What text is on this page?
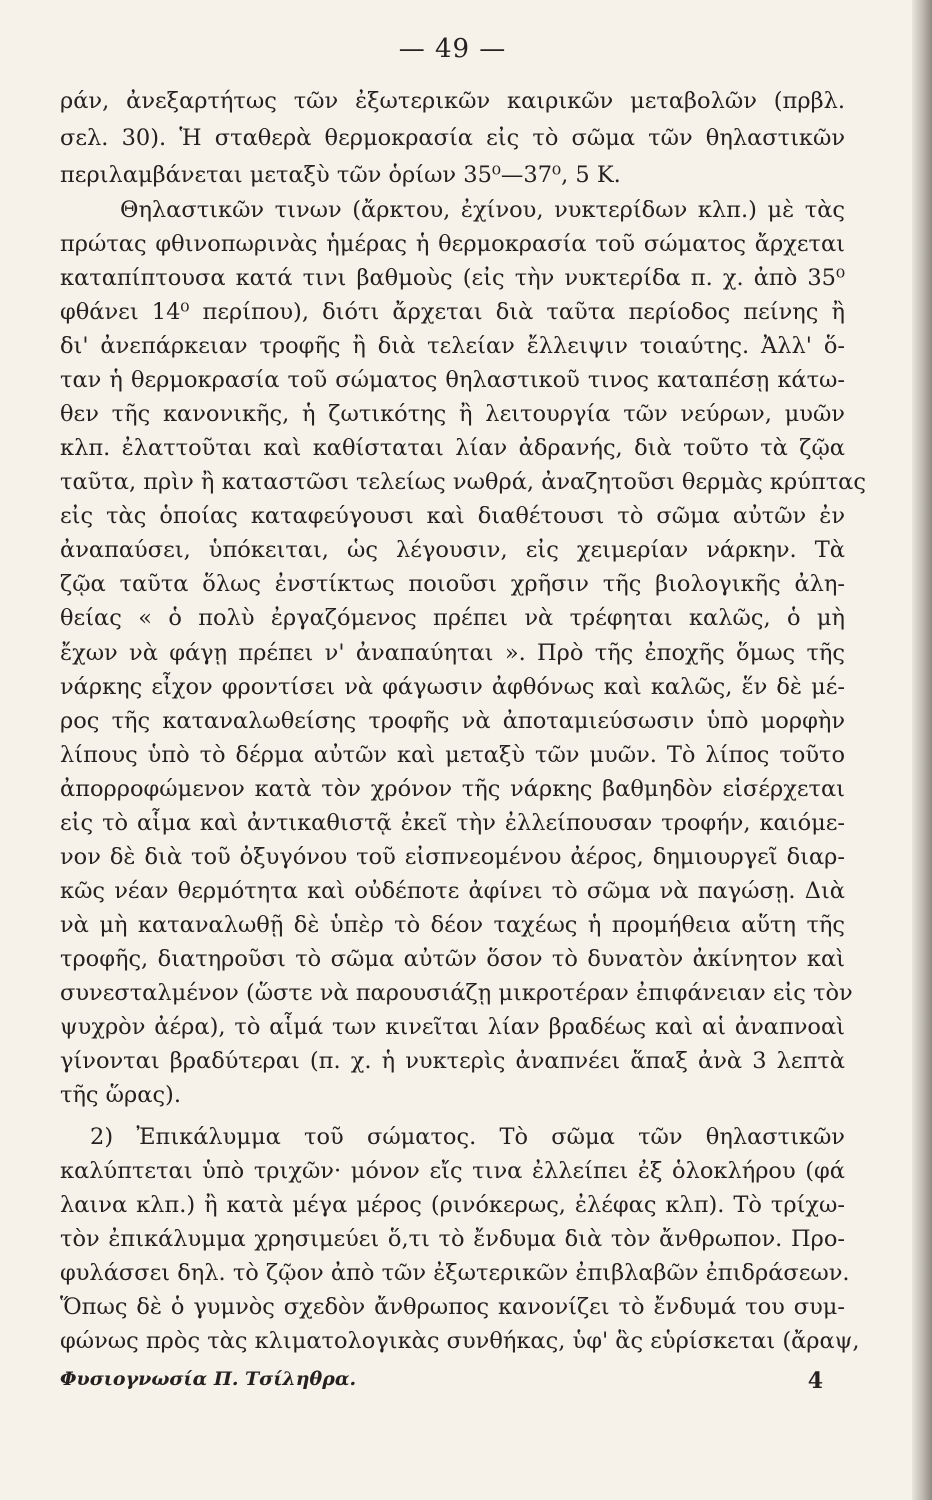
— 49 —
ράν, ἀνεξαρτήτως τῶν ἐξωτερικῶν καιρικῶν μεταβολῶν (πρβλ.
σελ. 30). Ἡ σταθερὰ θερμοκρασία εἰς τὸ σῶμα τῶν θηλαστικῶν
περιλαμβάνεται μεταξὺ τῶν ὁρίων 35⁰—37⁰, 5 Κ.
Θηλαστικῶν τινων (ἄρκτου, ἐχίνου, νυκτερίδων κλπ.) μὲ τὰς
πρώτας φθινοπωρινὰς ἡμέρας ἡ θερμοκρασία τοῦ σώματος ἄρχεται
καταπίπτουσα κατά τινι βαθμοὺς (εἰς τὴν νυκτερίδα π. χ. ἀπὸ 35⁰
φθάνει 14⁰ περίπου), διότι ἄρχεται διὰ ταῦτα περίοδος πείνης ἢ
δι' ἀνεπάρκειαν τροφῆς ἢ διὰ τελείαν ἔλλειψιν τοιαύτης. Ἀλλ' ὅ-
ταν ἡ θερμοκρασία τοῦ σώματος θηλαστικοῦ τινος καταπέσῃ κάτω-
θεν τῆς κανονικῆς, ἡ ζωτικότης ἢ λειτουργία τῶν νεύρων, μυῶν
κλπ. ἐλαττοῦται καὶ καθίσταται λίαν ἀδρανής, διὰ τοῦτο τὰ ζῷα
ταῦτα, πρὶν ἢ καταστῶσι τελείως νωθρά, ἀναζητοῦσι θερμὰς κρύπτας
εἰς τὰς ὁποίας καταφεύγουσι καὶ διαθέτουσι τὸ σῶμα αὐτῶν ἐν
ἀναπαύσει, ὑπόκειται, ὡς λέγουσιν, εἰς χειμερίαν νάρκην. Τὰ
ζῷα ταῦτα ὅλως ἐνστίκτως ποιοῦσι χρῆσιν τῆς βιολογικῆς ἀλη-
θείας « ὁ πολὺ ἐργαζόμενος πρέπει νὰ τρέφηται καλῶς, ὁ μὴ
ἔχων νὰ φάγῃ πρέπει ν' ἀναπαύηται ». Πρὸ τῆς ἐποχῆς ὅμως τῆς
νάρκης εἶχον φροντίσει νὰ φάγωσιν ἀφθόνως καὶ καλῶς, ἕν δὲ μέ-
ρος τῆς καταναλωθείσης τροφῆς νὰ ἀποταμιεύσωσιν ὑπὸ μορφὴν
λίπους ὑπὸ τὸ δέρμα αὐτῶν καὶ μεταξὺ τῶν μυῶν. Τὸ λίπος τοῦτο
ἀπορροφώμενον κατὰ τὸν χρόνον τῆς νάρκης βαθμηδὸν εἰσέρχεται
εἰς τὸ αἷμα καὶ ἀντικαθιστᾷ ἐκεῖ τὴν ἐλλείπουσαν τροφήν, καιόμε-
νον δὲ διὰ τοῦ ὀξυγόνου τοῦ εἰσπνεομένου ἀέρος, δημιουργεῖ διαρ-
κῶς νέαν θερμότητα καὶ οὐδέποτε ἀφίνει τὸ σῶμα νὰ παγώσῃ. Διὰ
νὰ μὴ καταναλωθῇ δὲ ὑπὲρ τὸ δέον ταχέως ἡ προμήθεια αὕτη τῆς
τροφῆς, διατηροῦσι τὸ σῶμα αὐτῶν ὅσον τὸ δυνατὸν ἀκίνητον καὶ
συνεσταλμένον (ὥστε νὰ παρουσιάζῃ μικροτέραν ἐπιφάνειαν εἰς τὸν
ψυχρὸν ἀέρα), τὸ αἷμά των κινεῖται λίαν βραδέως καὶ αἱ ἀναπνοαὶ
γίνονται βραδύτεραι (π. χ. ἡ νυκτερὶς ἀναπνέει ἅπαξ ἀνὰ 3 λεπτὰ
τῆς ὥρας).
2) Ἐπικάλυμμα τοῦ σώματος. Τὸ σῶμα τῶν θηλαστικῶν
καλύπτεται ὑπὸ τριχῶν· μόνον εἴς τινα ἐλλείπει ἐξ ὁλοκλήρου (φά
λαινα κλπ.) ἢ κατὰ μέγα μέρος (ρινόκερως, ἐλέφας κλπ). Τὸ τρίχω-
τὸν ἐπικάλυμμα χρησιμεύει ὅ,τι τὸ ἔνδυμα διὰ τὸν ἄνθρωπον. Προ-
φυλάσσει δηλ. τὸ ζῷον ἀπὸ τῶν ἐξωτερικῶν ἐπιβλαβῶν ἐπιδράσεων.
Ὅπως δὲ ὁ γυμνὸς σχεδὸν ἄνθρωπος κανονίζει τὸ ἔνδυμά του συμ-
φώνως πρὸς τὰς κλιματολογικὰς συνθήκας, ὑφ' ἃς εὑρίσκεται (ἄραψ,
Φυσιογνωσία Π. Τσίληθρα.	4
